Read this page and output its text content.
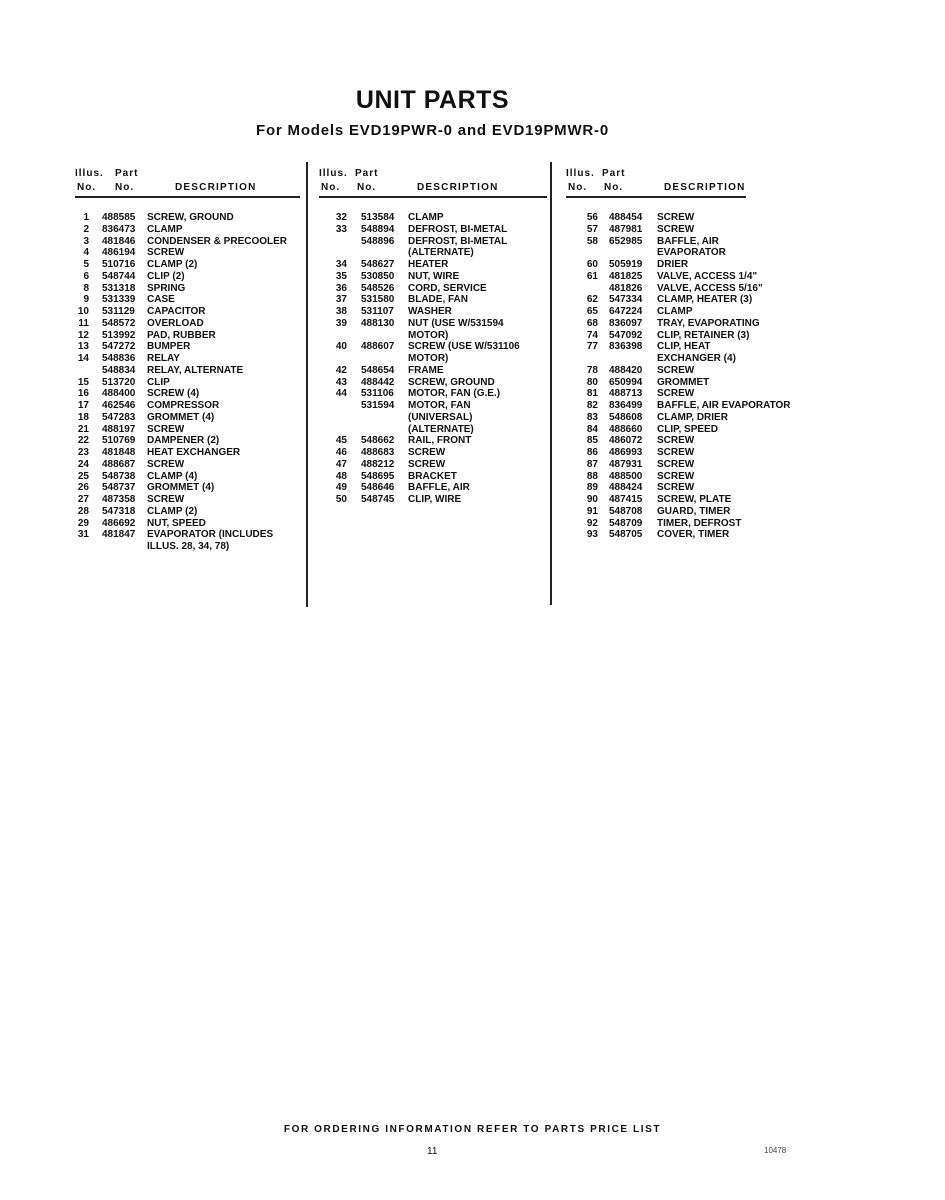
UNIT PARTS
For Models EVD19PWR-0 and EVD19PMWR-0
Illus. Part
No. No.	DESCRIPTION
1 488585 SCREW, GROUND
2 836473 CLAMP
3 481846 CONDENSER & PRECOOLER
4 486194 SCREW
5 510716 CLAMP (2)
6 548744 CLIP (2)
8 531318 SPRING
9 531339 CASE
10 531129 CAPACITOR
11 548572 OVERLOAD
12 513992 PAD, RUBBER
13 547272 BUMPER
14 548836 RELAY
548834 RELAY, ALTERNATE
15 513720 CLIP
16 488400 SCREW (4)
17 462546 COMPRESSOR
18 547283 GROMMET (4)
21 488197 SCREW
22 510769 DAMPENER (2)
23 481848 HEAT EXCHANGER
24 488687 SCREW
25 548738 CLAMP (4)
26 548737 GROMMET (4)
27 487358 SCREW
28 547318 CLAMP (2)
29 486692 NUT, SPEED
31 481847 EVAPORATOR (INCLUDES
ILLUS. 28, 34, 78)
Illus. Part
No. No.	DESCRIPTION
32 513584 CLAMP
33 548894 DEFROST, BI-METAL
548896 DEFROST, BI-METAL
(ALTERNATE)
34 548627 HEATER
35 530850 NUT, WIRE
36 548526 CORD, SERVICE
37 531580 BLADE, FAN
38 531107 WASHER
39 488130 NUT (USE W/531594
MOTOR)
40 488607 SCREW (USE W/531106
MOTOR)
42 548654 FRAME
43 488442 SCREW, GROUND
44 531106 MOTOR, FAN (G.E.)
531594 MOTOR, FAN
(UNIVERSAL)
(ALTERNATE)
45 548662 RAIL, FRONT
46 488683 SCREW
47 488212 SCREW
48 548695 BRACKET
49 548646 BAFFLE, AIR
50 548745 CLIP, WIRE
Illus. Part
No. No.	DESCRIPTION
56 488454 SCREW
57 487981 SCREW
58 652985 BAFFLE, AIR
EVAPORATOR
60 505919 DRIER
61 481825 VALVE, ACCESS 1/4"
481826 VALVE, ACCESS 5/16"
62 547334 CLAMP, HEATER (3)
65 647224 CLAMP
68 836097 TRAY, EVAPORATING
74 547092 CLIP, RETAINER (3)
77 836398 CLIP, HEAT
EXCHANGER (4)
78 488420 SCREW
80 650994 GROMMET
81 488713 SCREW
82 836499 BAFFLE, AIR EVAPORATOR
83 548608 CLAMP, DRIER
84 488660 CLIP, SPEED
85 486072 SCREW
86 486993 SCREW
87 487931 SCREW
88 488500 SCREW
89 488424 SCREW
90 487415 SCREW, PLATE
91 548708 GUARD, TIMER
92 548709 TIMER, DEFROST
93 548705 COVER, TIMER
FOR ORDERING INFORMATION REFER TO PARTS PRICE LIST
11	10478
